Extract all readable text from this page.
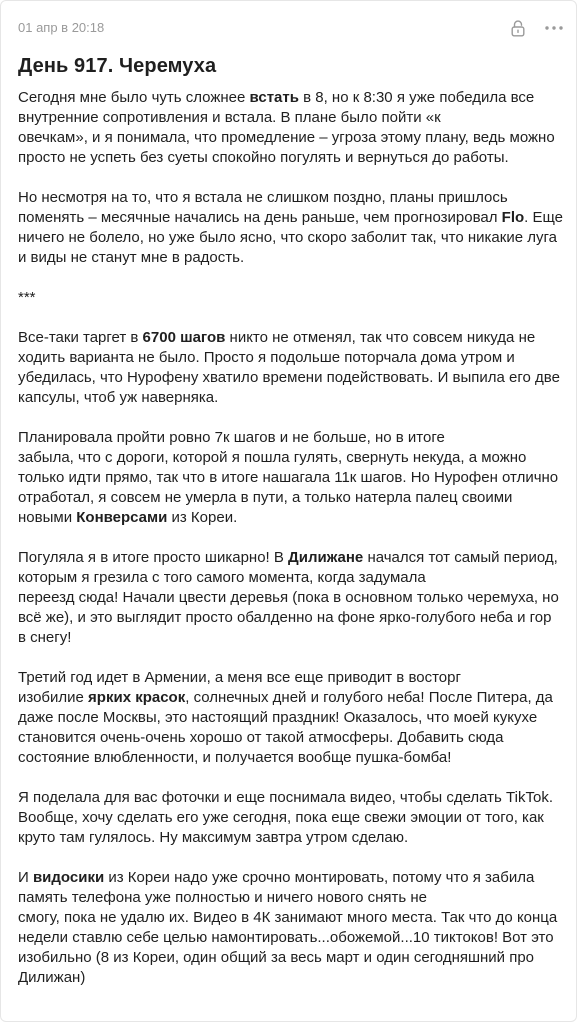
01 апр в 20:18
День 917. Черемуха

Сегодня мне было чуть сложнее встать в 8, но к 8:30 я уже победила все внутренние сопротивления и встала. В плане было пойти «к
овечкам», и я понимала, что промедление – угроза этому плану, ведь можно просто не успеть без суеты спокойно погулять и вернуться до работы.

Но несмотря на то, что я встала не слишком поздно, планы пришлось поменять – месячные начались на день раньше, чем прогнозировал Flo. Еще ничего не болело, но уже было ясно, что скоро заболит так, что никакие луга и виды не станут мне в радость.

***

Все-таки таргет в 6700 шагов никто не отменял, так что совсем никуда не ходить варианта не было. Просто я подольше поторчала дома утром и убедилась, что Нурофену хватило времени подействовать. И выпила его две капсулы, чтоб уж наверняка.

Планировала пройти ровно 7к шагов и не больше, но в итоге
забыла, что с дороги, которой я пошла гулять, свернуть некуда, а можно только идти прямо, так что в итоге нашагала 11к шагов. Но Нурофен отлично отработал, я совсем не умерла в пути, а только натерла палец своими новыми Конверсами из Кореи.

Погуляла я в итоге просто шикарно! В Дилижане начался тот самый период, которым я грезила с того самого момента, когда задумала
переезд сюда! Начали цвести деревья (пока в основном только черемуха, но всё же), и это выглядит просто обалденно на фоне ярко-голубого неба и гор в снегу!

Третий год идет в Армении, а меня все еще приводит в восторг
изобилие ярких красок, солнечных дней и голубого неба! После Питера, да даже после Москвы, это настоящий праздник! Оказалось, что моей кукухе становится очень-очень хорошо от такой атмосферы. Добавить сюда состояние влюбленности, и получается вообще пушка-бомба!

Я поделала для вас фоточки и еще поснимала видео, чтобы сделать TikTok. Вообще, хочу сделать его уже сегодня, пока еще свежи эмоции от того, как круто там гулялось. Ну максимум завтра утром сделаю.

И видосики из Кореи надо уже срочно монтировать, потому что я забила память телефона уже полностью и ничего нового снять не
смогу, пока не удалю их. Видео в 4К занимают много места. Так что до конца недели ставлю себе целью намонтировать...обожемой...10 тиктоков! Вот это изобильно (8 из Кореи, один общий за весь март и один сегодняшний про Дилижан)
